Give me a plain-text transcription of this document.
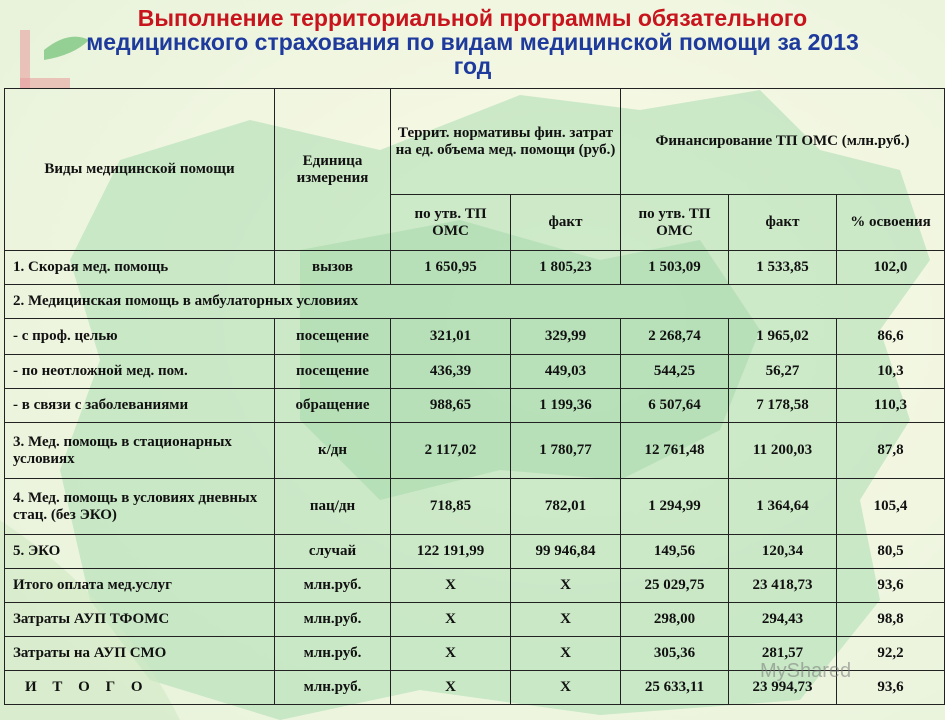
Выполнение территориальной программы обязательного
медицинского страхования по видам медицинской помощи за 2013
год
Виды медицинской помощи	Единица измерения	Террит. нормативы фин. затрат на ед. объема мед. помощи (руб.)		Финансирование ТП ОМС (млн.руб.)		
		по утв. ТП ОМС	факт	по утв. ТП ОМС	факт	% освоения
1. Скорая мед. помощь	вызов	1 650,95	1 805,23	1 503,09	1 533,85	102,0
2. Медицинская помощь в амбулаторных условиях						
- с проф. целью	посещение	321,01	329,99	2 268,74	1 965,02	86,6
- по неотложной мед. пом.	посещение	436,39	449,03	544,25	56,27	10,3
- в связи с заболеваниями	обращение	988,65	1 199,36	6 507,64	7 178,58	110,3
3. Мед. помощь в стационарных условиях	к/дн	2 117,02	1 780,77	12 761,48	11 200,03	87,8
4. Мед. помощь в условиях дневных стац. (без ЭКО)	пац/дн	718,85	782,01	1 294,99	1 364,64	105,4
5. ЭКО	случай	122 191,99	99 946,84	149,56	120,34	80,5
Итого оплата мед.услуг	млн.руб.	Х	Х	25 029,75	23 418,73	93,6
Затраты АУП ТФОМС	млн.руб.	Х	Х	298,00	294,43	98,8
Затраты на АУП СМО	млн.руб.	Х	Х	305,36	281,57	92,2
И Т О Г О	млн.руб.	Х	Х	25 633,11	23 994,73	93,6
MyShared
